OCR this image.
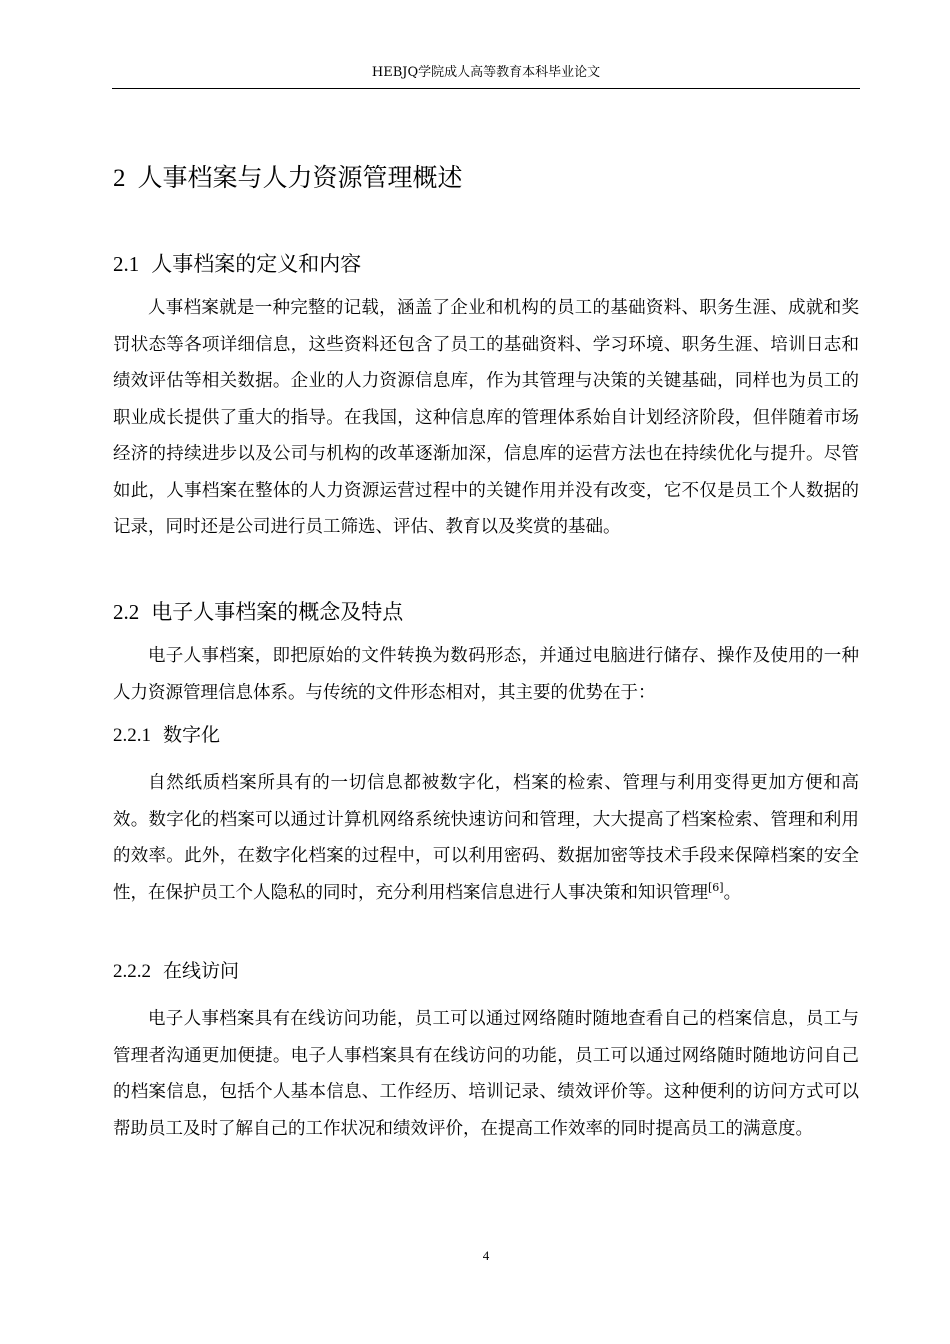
HEBJQ学院成人高等教育本科毕业论文
2 人事档案与人力资源管理概述
2.1 人事档案的定义和内容

人事档案就是一种完整的记载，涵盖了企业和机构的员工的基础资料、职务生涯、成就和奖罚状态等各项详细信息，这些资料还包含了员工的基础资料、学习环境、职务生涯、培训日志和绩效评估等相关数据。企业的人力资源信息库，作为其管理与决策的关键基础，同样也为员工的职业成长提供了重大的指导。在我国，这种信息库的管理体系始自计划经济阶段，但伴随着市场经济的持续进步以及公司与机构的改革逐渐加深，信息库的运营方法也在持续优化与提升。尽管如此，人事档案在整体的人力资源运营过程中的关键作用并没有改变，它不仅是员工个人数据的记录，同时还是公司进行员工筛选、评估、教育以及奖赏的基础。

2.2 电子人事档案的概念及特点

电子人事档案，即把原始的文件转换为数码形态，并通过电脑进行储存、操作及使用的一种人力资源管理信息体系。与传统的文件形态相对，其主要的优势在于：

2.2.1 数字化

自然纸质档案所具有的一切信息都被数字化，档案的检索、管理与利用变得更加方便和高效。数字化的档案可以通过计算机网络系统快速访问和管理，大大提高了档案检索、管理和利用的效率。此外，在数字化档案的过程中，可以利用密码、数据加密等技术手段来保障档案的安全性，在保护员工个人隐私的同时，充分利用档案信息进行人事决策和知识管理[6]。

2.2.2 在线访问

电子人事档案具有在线访问功能，员工可以通过网络随时随地查看自己的档案信息，员工与管理者沟通更加便捷。电子人事档案具有在线访问的功能，员工可以通过网络随时随地访问自己的档案信息，包括个人基本信息、工作经历、培训记录、绩效评价等。这种便利的访问方式可以帮助员工及时了解自己的工作状况和绩效评价，在提高工作效率的同时提高员工的满意度。

4
